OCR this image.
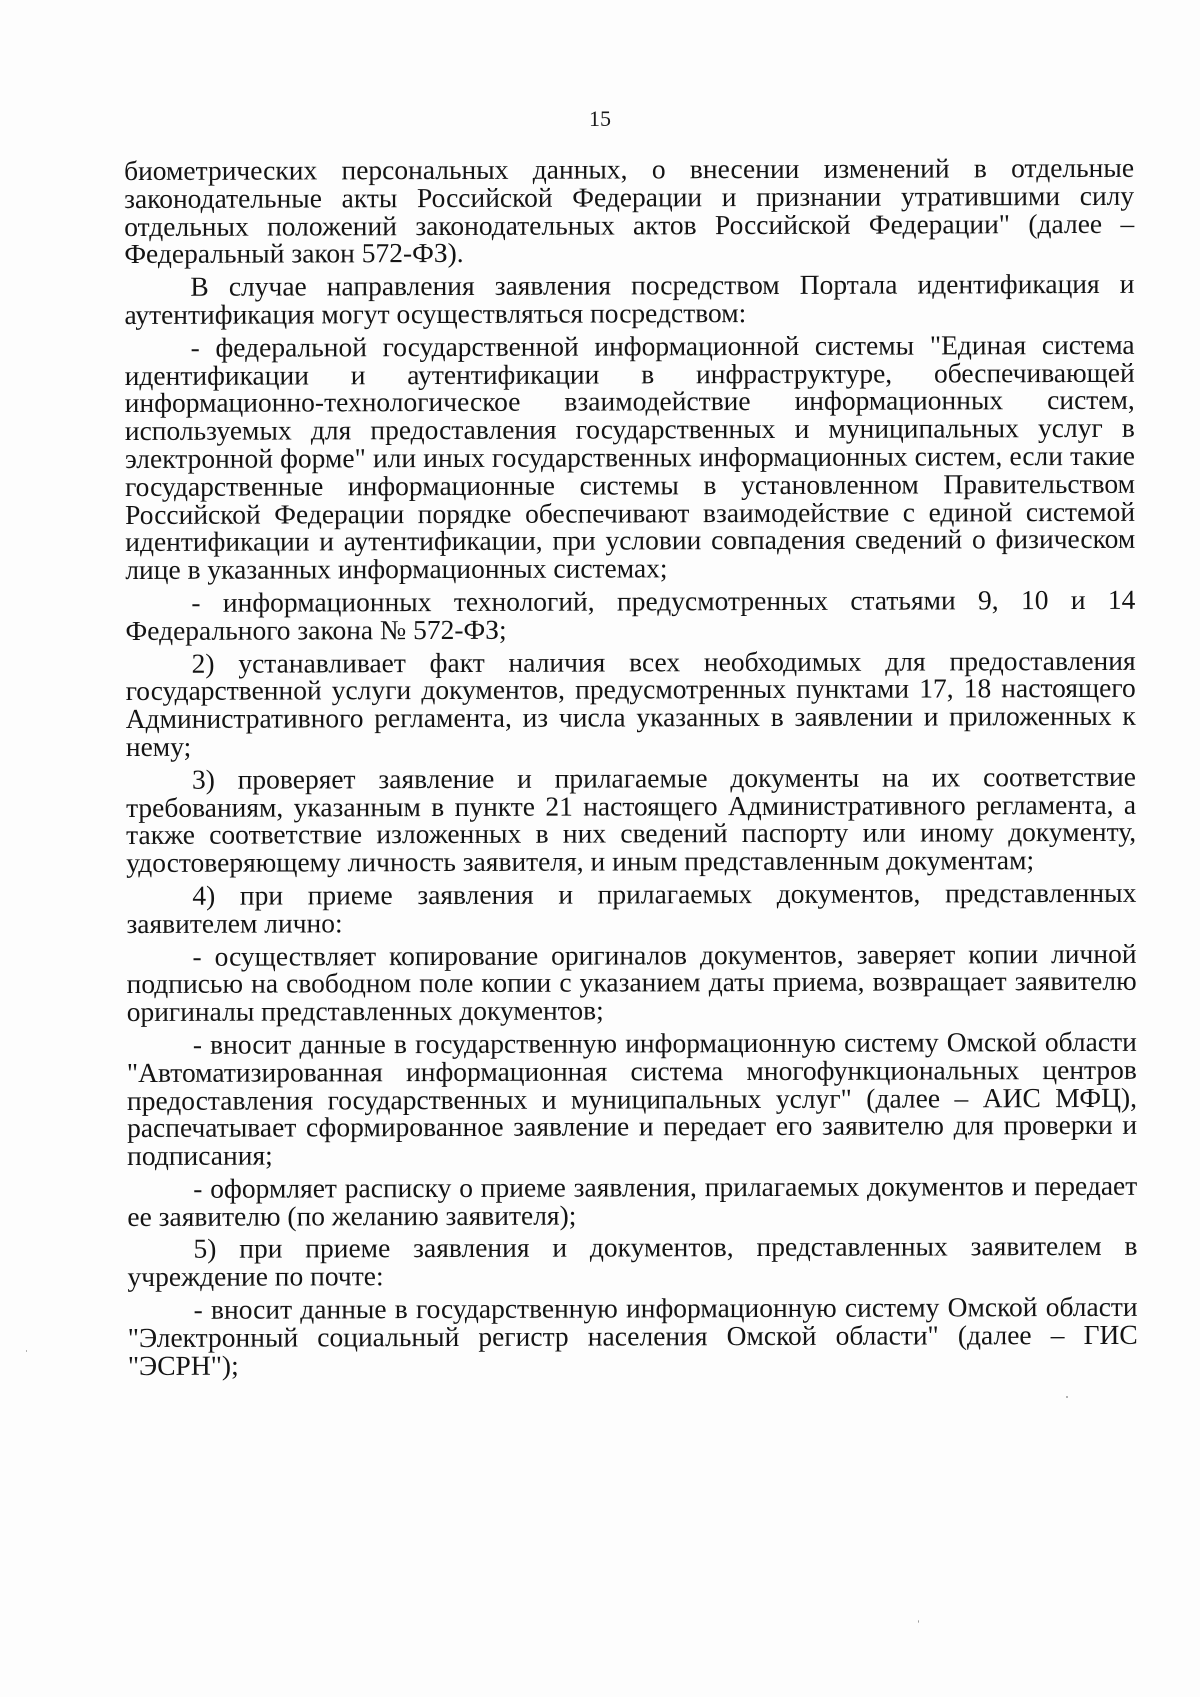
15

биометрических персональных данных, о внесении изменений в отдельные законодательные акты Российской Федерации и признании утратившими силу отдельных положений законодательных актов Российской Федерации" (далее – Федеральный закон 572-ФЗ).

В случае направления заявления посредством Портала идентификация и аутентификация могут осуществляться посредством:

- федеральной государственной информационной системы "Единая система идентификации и аутентификации в инфраструктуре, обеспечивающей информационно-технологическое взаимодействие информационных систем, используемых для предоставления государственных и муниципальных услуг в электронной форме" или иных государственных информационных систем, если такие государственные информационные системы в установленном Правительством Российской Федерации порядке обеспечивают взаимодействие с единой системой идентификации и аутентификации, при условии совпадения сведений о физическом лице в указанных информационных системах;

- информационных технологий, предусмотренных статьями 9, 10 и 14 Федерального закона № 572-ФЗ;

2) устанавливает факт наличия всех необходимых для предоставления государственной услуги документов, предусмотренных пунктами 17, 18 настоящего Административного регламента, из числа указанных в заявлении и приложенных к нему;

3) проверяет заявление и прилагаемые документы на их соответствие требованиям, указанным в пункте 21 настоящего Административного регламента, а также соответствие изложенных в них сведений паспорту или иному документу, удостоверяющему личность заявителя, и иным представленным документам;

4) при приеме заявления и прилагаемых документов, представленных заявителем лично:

- осуществляет копирование оригиналов документов, заверяет копии личной подписью на свободном поле копии с указанием даты приема, возвращает заявителю оригиналы представленных документов;

- вносит данные в государственную информационную систему Омской области "Автоматизированная информационная система многофункциональных центров предоставления государственных и муниципальных услуг" (далее – АИС МФЦ), распечатывает сформированное заявление и передает его заявителю для проверки и подписания;

- оформляет расписку о приеме заявления, прилагаемых документов и передает ее заявителю (по желанию заявителя);

5) при приеме заявления и документов, представленных заявителем в учреждение по почте:

- вносит данные в государственную информационную систему Омской области "Электронный социальный регистр населения Омской области" (далее – ГИС "ЭСРН");
